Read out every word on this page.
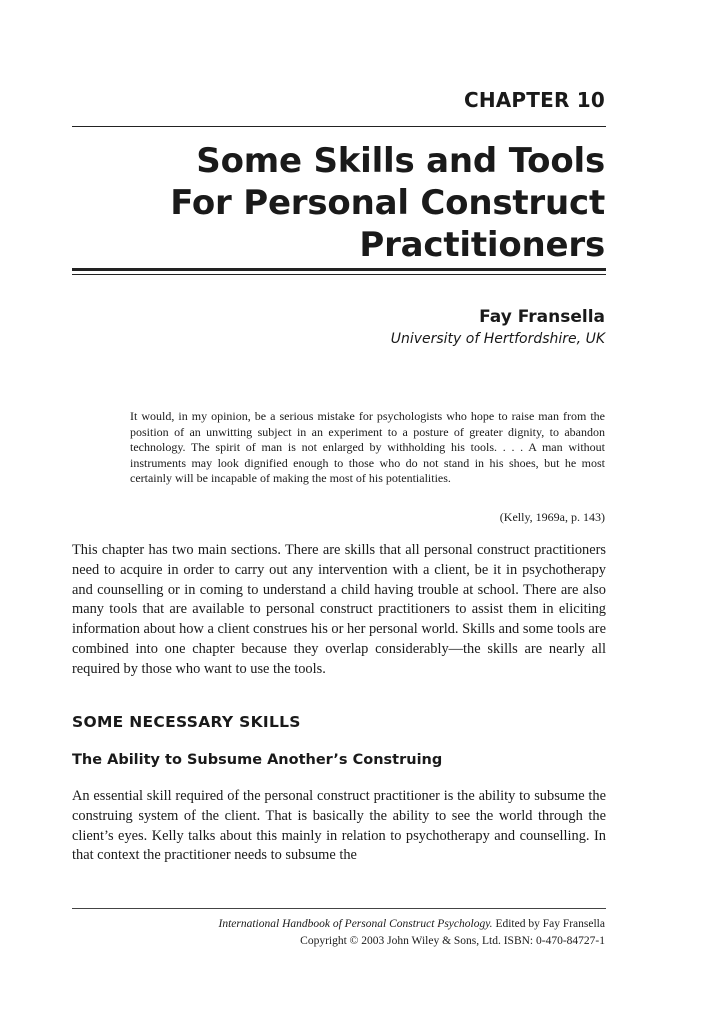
CHAPTER 10
Some Skills and Tools
For Personal Construct
Practitioners
Fay Fransella
University of Hertfordshire, UK
It would, in my opinion, be a serious mistake for psychologists who hope to raise man from the position of an unwitting subject in an experiment to a posture of greater dignity, to abandon technology. The spirit of man is not enlarged by withholding his tools. . . . A man without instruments may look dignified enough to those who do not stand in his shoes, but he most certainly will be incapable of making the most of his potentialities.
(Kelly, 1969a, p. 143)
This chapter has two main sections. There are skills that all personal construct practitioners need to acquire in order to carry out any intervention with a client, be it in psychotherapy and counselling or in coming to understand a child having trouble at school. There are also many tools that are available to personal construct practitioners to assist them in eliciting information about how a client construes his or her personal world. Skills and some tools are combined into one chapter because they overlap considerably—the skills are nearly all required by those who want to use the tools.
SOME NECESSARY SKILLS
The Ability to Subsume Another’s Construing
An essential skill required of the personal construct practitioner is the ability to subsume the construing system of the client. That is basically the ability to see the world through the client’s eyes. Kelly talks about this mainly in relation to psychotherapy and counselling. In that context the practitioner needs to subsume the
International Handbook of Personal Construct Psychology. Edited by Fay Fransella
Copyright © 2003 John Wiley & Sons, Ltd. ISBN: 0-470-84727-1
